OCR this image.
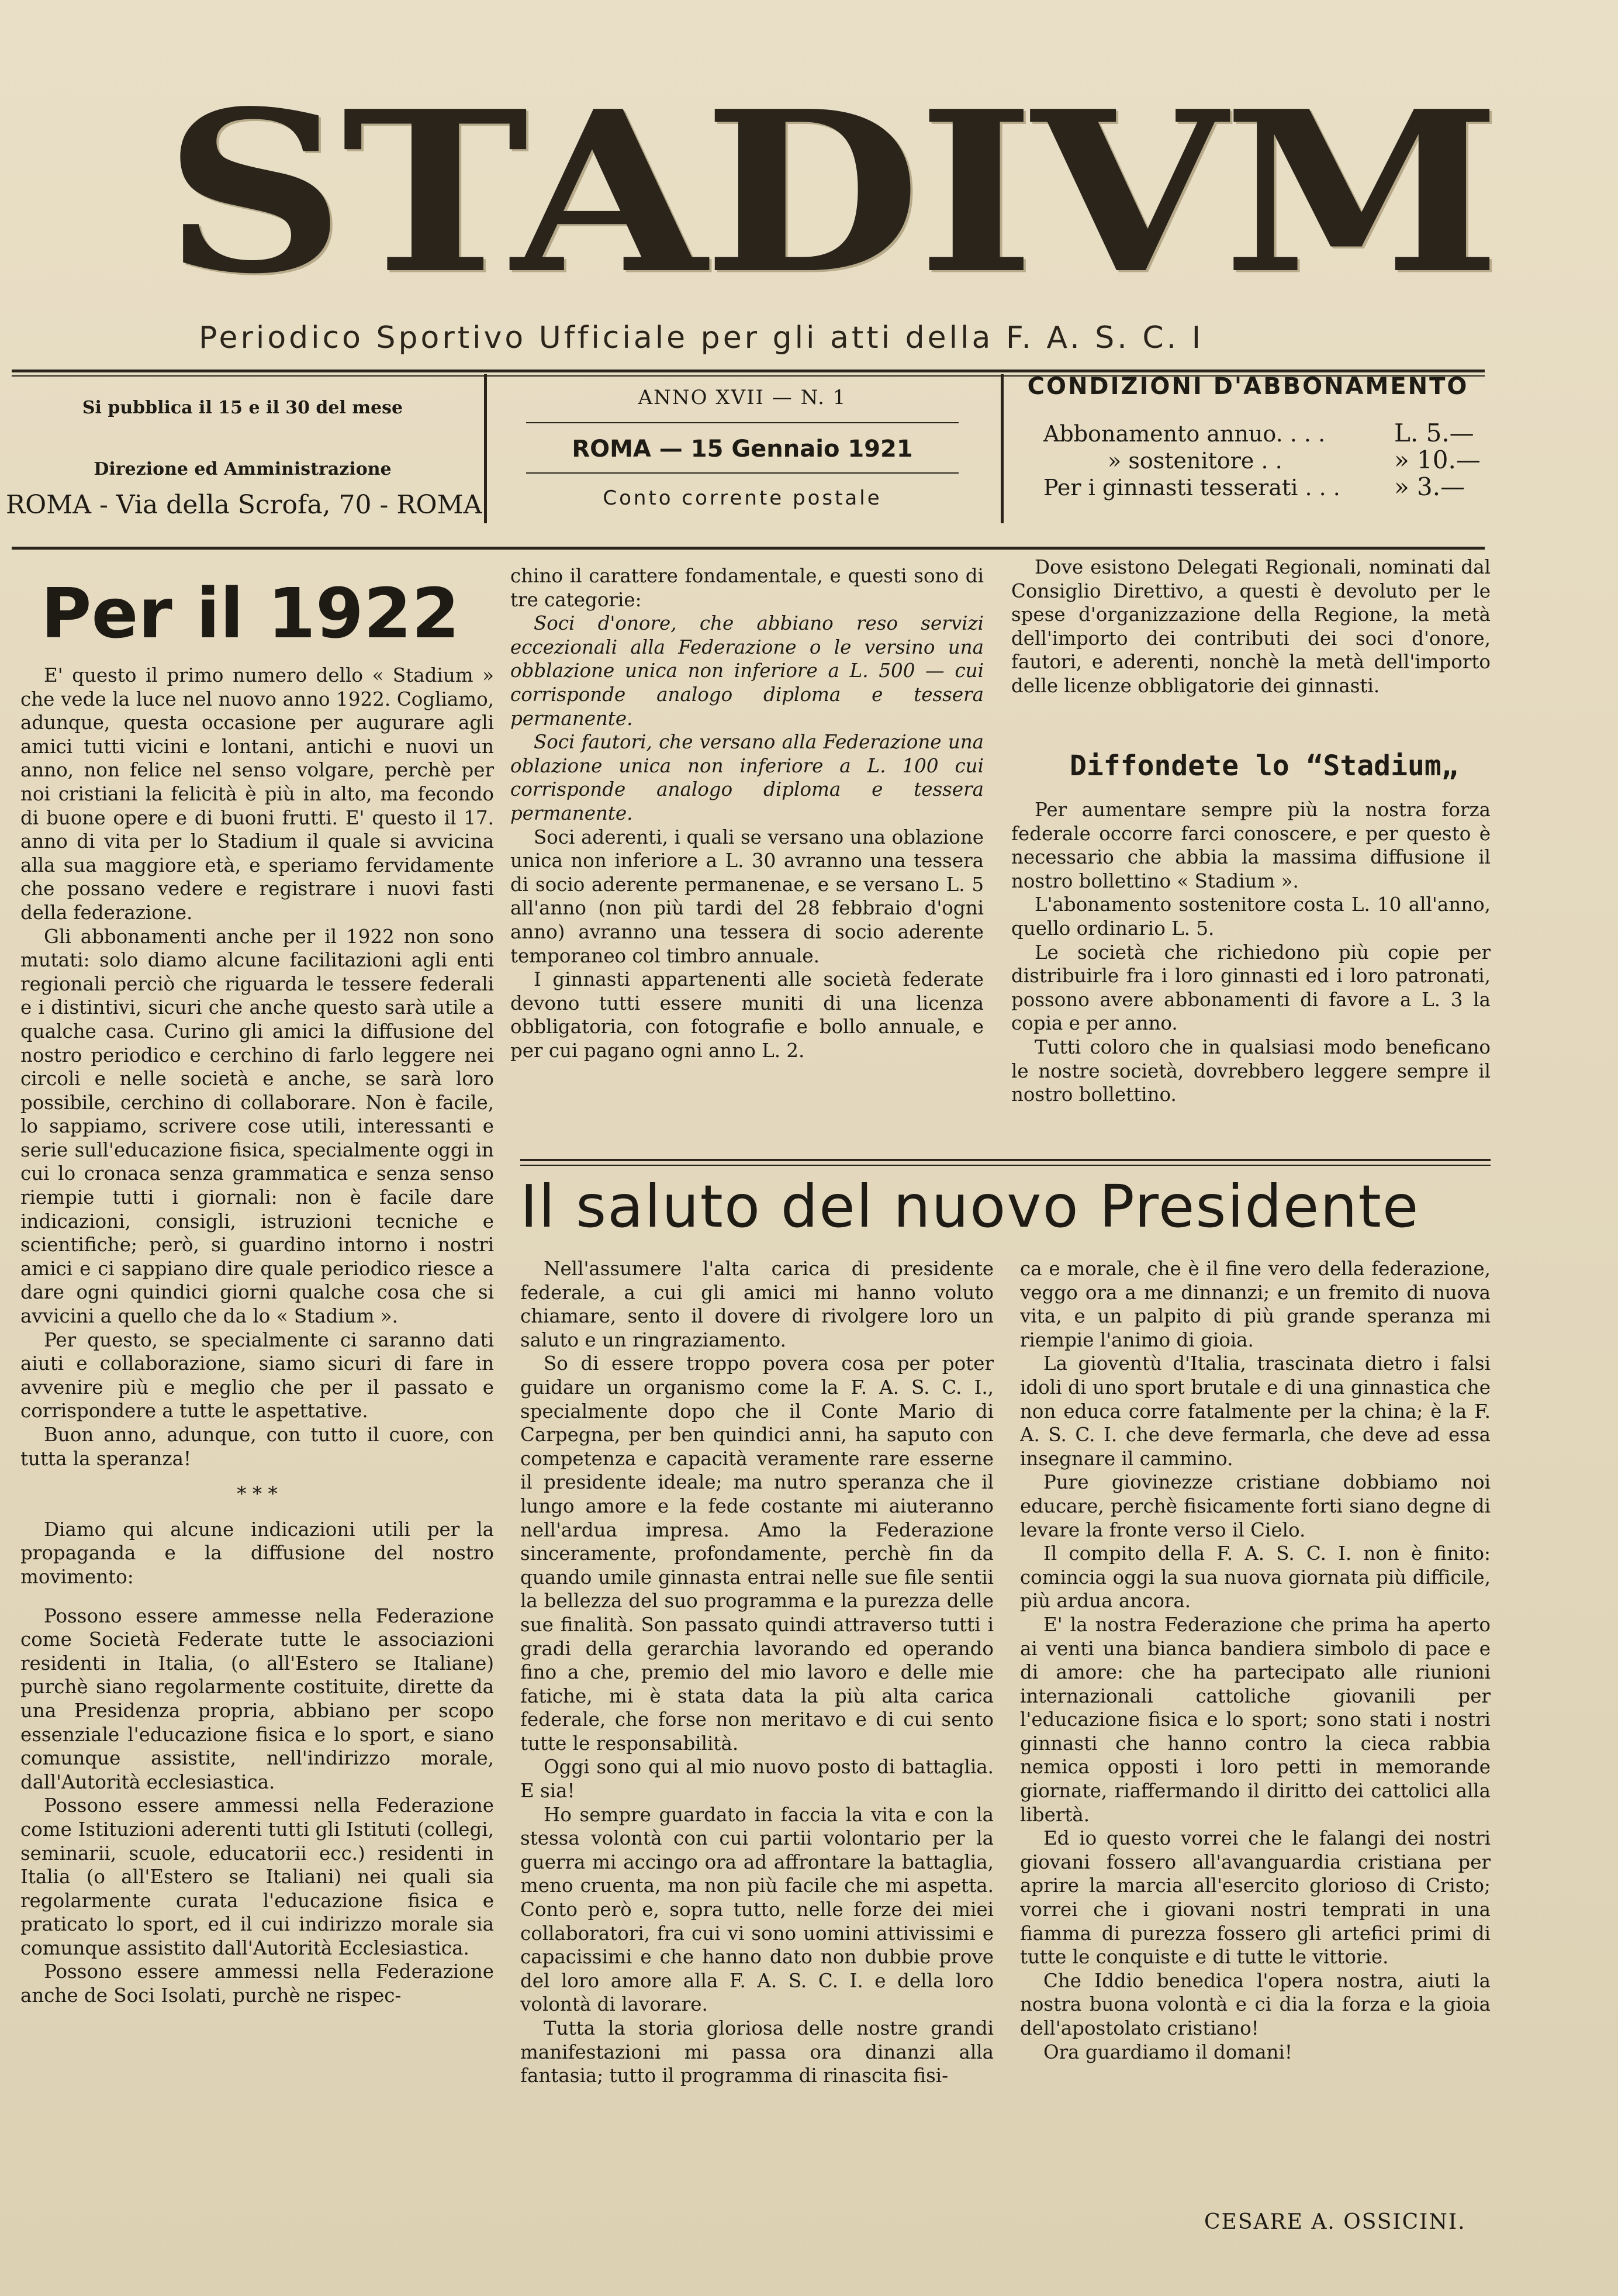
STADIVM
Periodico Sportivo Ufficiale per gli atti della F. A. S. C. I
Si pubblica il 15 e il 30 del mese
Direzione ed Amministrazione
ROMA - Via della Scrofa, 70 - ROMA
ANNO XVII — N. 1
ROMA — 15 Gennaio 1921
Conto corrente postale
CONDIZIONI D'ABBONAMENTO
Abbonamento annuo. . . .	L. 5.—
» sostenitore . .	» 10.—
Per i ginnasti tesserati . . . » 3.—
Per il 1922

E' questo il primo numero dello « Stadium » che vede la luce nel nuovo anno 1922. Cogliamo, adunque, questa occasione per augurare agli amici tutti vicini e lontani, antichi e nuovi un anno, non felice nel senso volgare, perchè per noi cristiani la felicità è più in alto, ma fecondo di buone opere e di buoni frutti. E' questo il 17. anno di vita per lo Stadium il quale si avvicina alla sua maggiore età, e speriamo fervidamente che possano vedere e registrare i nuovi fasti della federazione.

Gli abbonamenti anche per il 1922 non sono mutati: solo diamo alcune facilitazioni agli enti regionali perciò che riguarda le tessere federali e i distintivi, sicuri che anche questo sarà utile a qualche casa. Curino gli amici la diffusione del nostro periodico e cerchino di farlo leggere nei circoli e nelle società e anche, se sarà loro possibile, cerchino di collaborare. Non è facile, lo sappiamo, scrivere cose utili, interessanti e serie sull'educazione fisica, specialmente oggi in cui lo cronaca senza grammatica e senza senso riempie tutti i giornali: non è facile dare indicazioni, consigli, istruzioni tecniche e scientifiche; però, si guardino intorno i nostri amici e ci sappiano dire quale periodico riesce a dare ogni quindici giorni qualche cosa che si avvicini a quello che da lo « Stadium ».

Per questo, se specialmente ci saranno dati aiuti e collaborazione, siamo sicuri di fare in avvenire più e meglio che per il passato e corrispondere a tutte le aspettative.

Buon anno, adunque, con tutto il cuore, con tutta la speranza!

* * *

Diamo qui alcune indicazioni utili per la propaganda e la diffusione del nostro movimento:

Possono essere ammesse nella Federazione come Società Federate tutte le associazioni residenti in Italia, (o all'Estero se Italiane) purchè siano regolarmente costituite, dirette da una Presidenza propria, abbiano per scopo essenziale l'educazione fisica e lo sport, e siano comunque assistite, nell'indirizzo morale, dall'Autorità ecclesiastica.

Possono essere ammessi nella Federazione come Istituzioni aderenti tutti gli Istituti (collegi, seminarii, scuole, educatorii ecc.) residenti in Italia (o all'Estero se Italiani) nei quali sia regolarmente curata l'educazione fisica e praticato lo sport, ed il cui indirizzo morale sia comunque assistito dall'Autorità Ecclesiastica.

Possono essere ammessi nella Federazione anche de Soci Isolati, purchè ne rispec-

chino il carattere fondamentale, e questi sono di tre categorie:

Soci d'onore, che abbiano reso servizi eccezionali alla Federazione o le versino una obblazione unica non inferiore a L. 500 — cui corrisponde analogo diploma e tessera permanente.

Soci fautori, che versano alla Federazione una oblazione unica non inferiore a L. 100 cui corrisponde analogo diploma e tessera permanente.

Soci aderenti, i quali se versano una oblazione unica non inferiore a L. 30 avranno una tessera di socio aderente permanenae, e se versano L. 5 all'anno (non più tardi del 28 febbraio d'ogni anno) avranno una tessera di socio aderente temporaneo col timbro annuale.

I ginnasti appartenenti alle società federate devono tutti essere muniti di una licenza obbligatoria, con fotografie e bollo annuale, e per cui pagano ogni anno L. 2.

Dove esistono Delegati Regionali, nominati dal Consiglio Direttivo, a questi è devoluto per le spese d'organizzazione della Regione, la metà dell'importo dei contributi dei soci d'onore, fautori, e aderenti, nonchè la metà dell'importo delle licenze obbligatorie dei ginnasti.

Diffondete lo “Stadium„

Per aumentare sempre più la nostra forza federale occorre farci conoscere, e per questo è necessario che abbia la massima diffusione il nostro bollettino « Stadium ».

L'abonamento sostenitore costa L. 10 all'anno, quello ordinario L. 5.

Le società che richiedono più copie per distribuirle fra i loro ginnasti ed i loro patronati, possono avere abbonamenti di favore a L. 3 la copia e per anno.

Tutti coloro che in qualsiasi modo beneficano le nostre società, dovrebbero leggere sempre il nostro bollettino.

Il saluto del nuovo Presidente

Nell'assumere l'alta carica di presidente federale, a cui gli amici mi hanno voluto chiamare, sento il dovere di rivolgere loro un saluto e un ringraziamento.

So di essere troppo povera cosa per poter guidare un organismo come la F. A. S. C. I., specialmente dopo che il Conte Mario di Carpegna, per ben quindici anni, ha saputo con competenza e capacità veramente rare esserne il presidente ideale; ma nutro speranza che il lungo amore e la fede costante mi aiuteranno nell'ardua impresa. Amo la Federazione sinceramente, profondamente, perchè fin da quando umile ginnasta entrai nelle sue file sentii la bellezza del suo programma e la purezza delle sue finalità. Son passato quindi attraverso tutti i gradi della gerarchia lavorando ed operando fino a che, premio del mio lavoro e delle mie fatiche, mi è stata data la più alta carica federale, che forse non meritavo e di cui sento tutte le responsabilità.

Oggi sono qui al mio nuovo posto di battaglia. E sia!

Ho sempre guardato in faccia la vita e con la stessa volontà con cui partii volontario per la guerra mi accingo ora ad affrontare la battaglia, meno cruenta, ma non più facile che mi aspetta. Conto però e, sopra tutto, nelle forze dei miei collaboratori, fra cui vi sono uomini attivissimi e capacissimi e che hanno dato non dubbie prove del loro amore alla F. A. S. C. I. e della loro volontà di lavorare.

Tutta la storia gloriosa delle nostre grandi manifestazioni mi passa ora dinanzi alla fantasia; tutto il programma di rinascita fisi-

ca e morale, che è il fine vero della federazione, veggo ora a me dinnanzi; e un fremito di nuova vita, e un palpito di più grande speranza mi riempie l'animo di gioia.

La gioventù d'Italia, trascinata dietro i falsi idoli di uno sport brutale e di una ginnastica che non educa corre fatalmente per la china; è la F. A. S. C. I. che deve fermarla, che deve ad essa insegnare il cammino.

Pure giovinezze cristiane dobbiamo noi educare, perchè fisicamente forti siano degne di levare la fronte verso il Cielo.

Il compito della F. A. S. C. I. non è finito: comincia oggi la sua nuova giornata più difficile, più ardua ancora.

E' la nostra Federazione che prima ha aperto ai venti una bianca bandiera simbolo di pace e di amore: che ha partecipato alle riunioni internazionali cattoliche giovanili per l'educazione fisica e lo sport; sono stati i nostri ginnasti che hanno contro la cieca rabbia nemica opposti i loro petti in memorande giornate, riaffermando il diritto dei cattolici alla libertà.

Ed io questo vorrei che le falangi dei nostri giovani fossero all'avanguardia cristiana per aprire la marcia all'esercito glorioso di Cristo; vorrei che i giovani nostri temprati in una fiamma di purezza fossero gli artefici primi di tutte le conquiste e di tutte le vittorie.

Che Iddio benedica l'opera nostra, aiuti la nostra buona volontà e ci dia la forza e la gioia dell'apostolato cristiano!

Ora guardiamo il domani!

CESARE A. OSSICINI.
